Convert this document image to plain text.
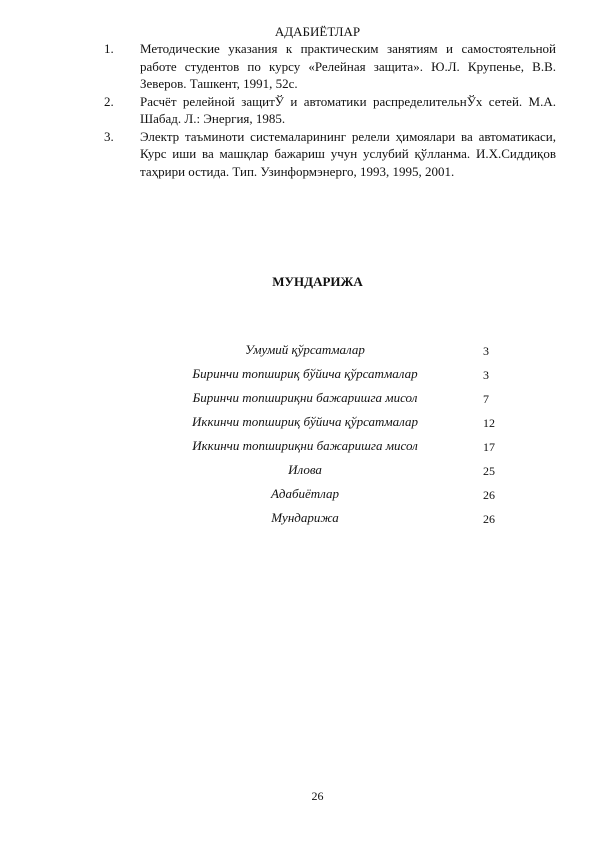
АДАБИЁТЛАР
1. Методические указания к практическим занятиям и самостоятельной работе студентов по курсу «Релейная защита». Ю.Л. Крупенье, В.В. Зеверов. Ташкент, 1991, 52с.
2. Расчёт релейной защитЎ и автоматики распределительнЎх сетей. М.А. Шабад. Л.: Энергия, 1985.
3. Электр таъминоти системаларининг релели ҳимоялари ва автоматикаси, Курс иши ва машқлар бажариш учун услубий қўлланма. И.Х.Сиддиқов таҳрири остида. Тип. Узинформэнерго, 1993, 1995, 2001.
МУНДАРИЖА
Умумий қўрсатмалар	3
Биринчи топшириқ бўйича қўрсатмалар	3
Биринчи топшириқни бажаришга мисол	7
Иккинчи топшириқ бўйича қўрсатмалар	12
Иккинчи топшириқни бажаришга мисол	17
Илова	25
Адабиётлар	26
Мундарижа	26
26
